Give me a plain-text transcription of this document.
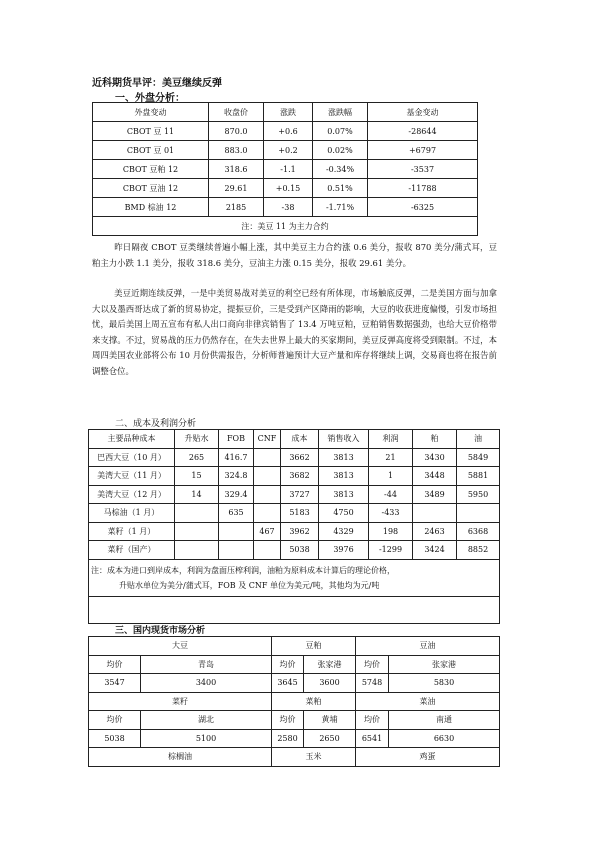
近科期货早评：美豆继续反弹
一、外盘分析：
外盘变动	收盘价	涨跌	涨跌幅	基金变动
CBOT 豆 11	870.0	+0.6	0.07%	-28644
CBOT 豆 01	883.0	+0.2	0.02%	+6797
CBOT 豆粕 12	318.6	-1.1	-0.34%	-3537
CBOT 豆油 12	29.61	+0.15	0.51%	-11788
BMD 棕油 12	2185	-38	-1.71%	-6325
注：美豆 11 为主力合约				
昨日隔夜 CBOT 豆类继续普遍小幅上涨，其中美豆主力合约涨 0.6 美分，报收 870 美分/蒲式耳，豆粕主力小跌 1.1 美分，报收 318.6 美分，豆油主力涨 0.15 美分，报收 29.61 美分。
美豆近期连续反弹，一是中美贸易战对美豆的利空已经有所体现，市场触底反弹，二是美国方面与加拿大以及墨西哥达成了新的贸易协定，提振豆价，三是受到产区降雨的影响，大豆的收获进度偏慢，引发市场担忧，最后美国上周五宣布有私人出口商向非律宾销售了 13.4 万吨豆粕，豆粕销售数据强劲，也给大豆价格带来支撑。不过，贸易战的压力仍然存在，在失去世界上最大的买家期间，美豆反弹高度将受到限制。不过，本周四美国农业部将公布 10 月份供需报告，分析师普遍预计大豆产量和库存将继续上调，交易商也将在报告前调整仓位。
二、成本及利润分析
主要品种成本	升贴水	FOB	CNF	成本	销售收入	利润	粕	油
巴西大豆（10 月）	265	416.7		3662	3813	21	3430	5849
美湾大豆（11 月）	15	324.8		3682	3813	1	3448	5881
美湾大豆（12 月）	14	329.4		3727	3813	-44	3489	5950
马棕油（1 月）		635		5183	4750	-433		
菜籽（1 月）			467	3962	4329	198	2463	6368
菜籽（国产）				5038	3976	-1299	3424	8852

注：成本为进口到岸成本，利润为盘面压榨利润，油粕为原料成本计算后的理论价格，
升贴水单位为美分/蒲式耳，FOB 及 CNF 单位为美元/吨，其他均为元/吨								

三、国内现货市场分析
大豆		豆粕		豆油	
均价	青岛	均价	张家港	均价	张家港
3547	3400	3645	3600	5748	5830
菜籽		菜粕		菜油	
均价	湖北	均价	黄埔	均价	南通
5038	5100	2580	2650	6541	6630
棕榈油		玉米		鸡蛋	
